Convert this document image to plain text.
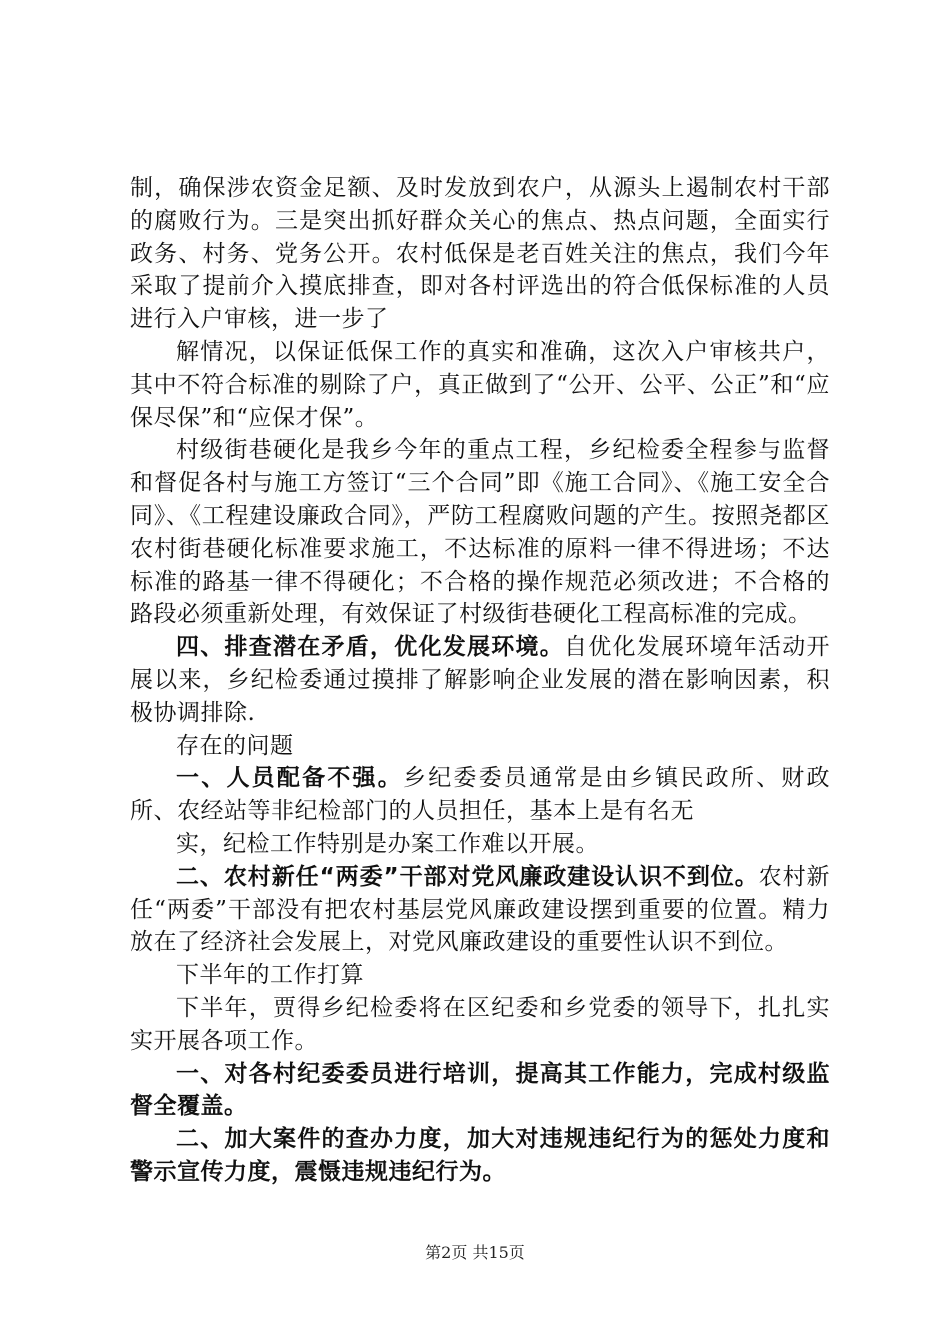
制，确保涉农资金足额、及时发放到农户，从源头上遏制农村干部的腐败行为。三是突出抓好群众关心的焦点、热点问题，全面实行政务、村务、党务公开。农村低保是老百姓关注的焦点，我们今年采取了提前介入摸底排查，即对各村评选出的符合低保标准的人员进行入户审核，进一步了

解情况，以保证低保工作的真实和准确，这次入户审核共户，其中不符合标准的剔除了户，真正做到了“公开、公平、公正”和“应保尽保”和“应保才保”。

村级街巷硬化是我乡今年的重点工程，乡纪检委全程参与监督和督促各村与施工方签订“三个合同”即《施工合同》、《施工安全合同》、《工程建设廉政合同》，严防工程腐败问题的产生。按照尧都区农村街巷硬化标准要求施工，不达标准的原料一律不得进场；不达标准的路基一律不得硬化；不合格的操作规范必须改进；不合格的路段必须重新处理，有效保证了村级街巷硬化工程高标准的完成。

四、排查潜在矛盾，优化发展环境。自优化发展环境年活动开展以来，乡纪检委通过摸排了解影响企业发展的潜在影响因素，积极协调排除.

存在的问题

一、人员配备不强。乡纪委委员通常是由乡镇民政所、财政所、农经站等非纪检部门的人员担任，基本上是有名无

实，纪检工作特别是办案工作难以开展。

二、农村新任“两委”干部对党风廉政建设认识不到位。农村新任“两委”干部没有把农村基层党风廉政建设摆到重要的位置。精力放在了经济社会发展上，对党风廉政建设的重要性认识不到位。

下半年的工作打算

下半年，贾得乡纪检委将在区纪委和乡党委的领导下，扎扎实实开展各项工作。

一、对各村纪委委员进行培训，提高其工作能力，完成村级监督全覆盖。

二、加大案件的查办力度，加大对违规违纪行为的惩处力度和警示宣传力度，震慑违规违纪行为。

第2页 共15页
